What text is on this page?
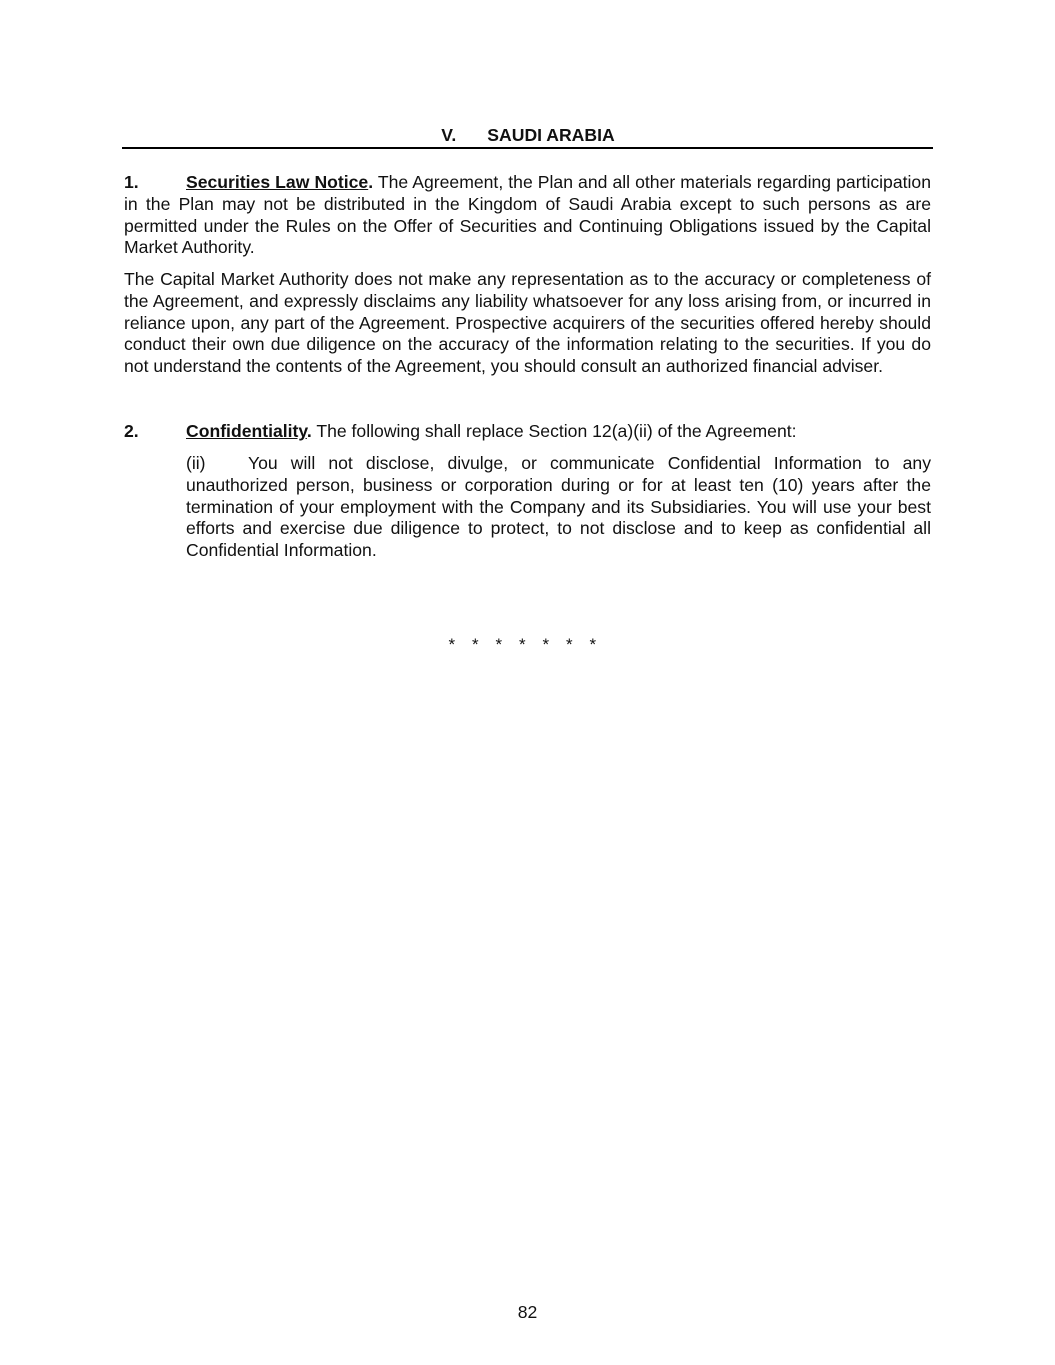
V. SAUDI ARABIA

1.	Securities Law Notice. The Agreement, the Plan and all other materials regarding participation in the Plan may not be distributed in the Kingdom of Saudi Arabia except to such persons as are permitted under the Rules on the Offer of Securities and Continuing Obligations issued by the Capital Market Authority.

The Capital Market Authority does not make any representation as to the accuracy or completeness of the Agreement, and expressly disclaims any liability whatsoever for any loss arising from, or incurred in reliance upon, any part of the Agreement. Prospective acquirers of the securities offered hereby should conduct their own due diligence on the accuracy of the information relating to the securities. If you do not understand the contents of the Agreement, you should consult an authorized financial adviser.

2.	Confidentiality. The following shall replace Section 12(a)(ii) of the Agreement:

(ii) You will not disclose, divulge, or communicate Confidential Information to any unauthorized person, business or corporation during or for at least ten (10) years after the termination of your employment with the Company and its Subsidiaries. You will use your best efforts and exercise due diligence to protect, to not disclose and to keep as confidential all Confidential Information.

* * * * * * *
82
